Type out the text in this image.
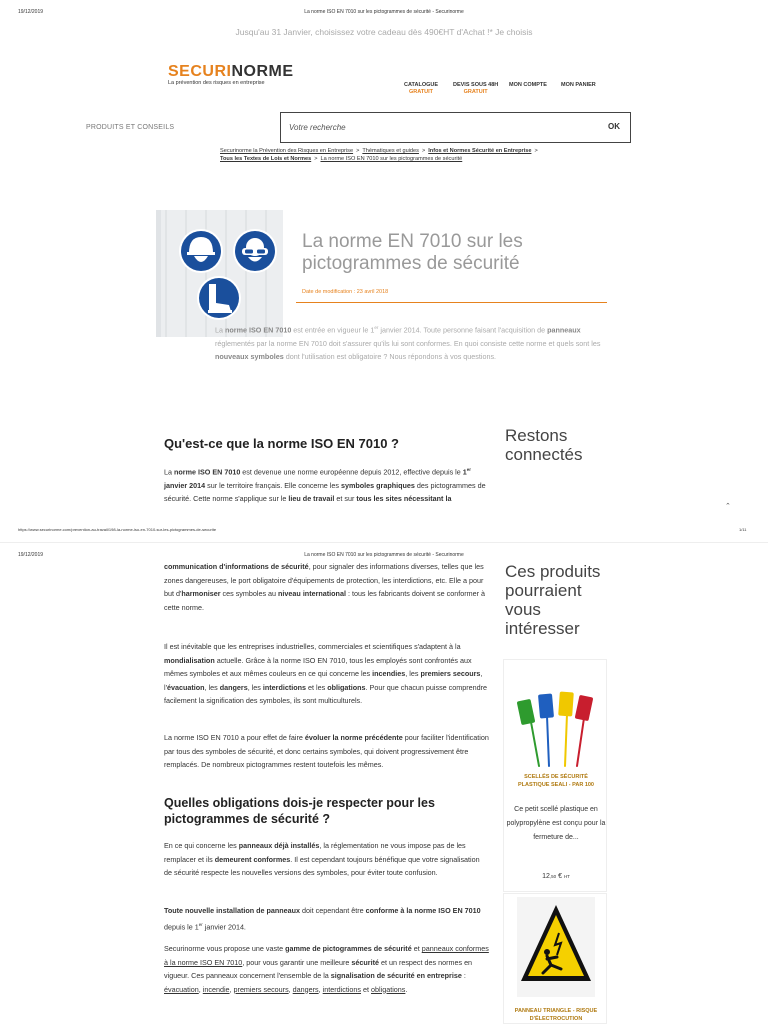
19/12/2019	La norme ISO EN 7010 sur les pictogrammes de sécurité - Securinorme
Jusqu'au 31 Janvier, choisissez votre cadeau dès 490€HT d'Achat !* Je choisis
SECURINORME
La prévention des risques en entreprise	CATALOGUE
GRATUIT
DEVIS SOUS 48H
GRATUIT
MON COMPTE	MON PANIER
PRODUITS ET CONSEILS
Votre recherche	OK
Securinorme la Prévention des Risques en Entreprise > Thématiques et guides > Infos et Normes Sécurité en Entreprise >
Tous les Textes de Lois et Normes > La norme ISO EN 7010 sur les pictogrammes de sécurité
La norme EN 7010 sur les pictogrammes de sécurité
Date de modification : 23 avril 2018
La norme ISO EN 7010 est entrée en vigueur le 1er janvier 2014. Toute personne faisant l'acquisition de panneaux réglementés par la norme EN 7010 doit s'assurer qu'ils lui sont conformes. En quoi consiste cette norme et quels sont les nouveaux symboles dont l'utilisation est obligatoire ? Nous répondons à vos questions.
Qu'est-ce que la norme ISO EN 7010 ?	Restons connectés
La norme ISO EN 7010 est devenue une norme européenne depuis 2012, effective depuis le 1er janvier 2014 sur le territoire français. Elle concerne les symboles graphiques des pictogrammes de sécurité. Cette norme s'applique sur le lieu de travail et sur tous les sites nécessitant la
⌃
https://www.securinorme.com/prevention-au-travail/198-la-norme-iso-en-7010-sur-les-pictogrammes-de-securite	1/11
19/12/2019	La norme ISO EN 7010 sur les pictogrammes de sécurité - Securinorme
communication d'informations de sécurité, pour signaler des informations diverses, telles que les zones dangereuses, le port obligatoire d'équipements de protection, les interdictions, etc. Elle a pour but d'harmoniser ces symboles au niveau international : tous les fabricants doivent se conformer à cette norme.
Il est inévitable que les entreprises industrielles, commerciales et scientifiques s'adaptent à la mondialisation actuelle. Grâce à la norme ISO EN 7010, tous les employés sont confrontés aux mêmes symboles et aux mêmes couleurs en ce qui concerne les incendies, les premiers secours, l'évacuation, les dangers, les interdictions et les obligations. Pour que chacun puisse comprendre facilement la signification des symboles, ils sont multiculturels.
La norme ISO EN 7010 a pour effet de faire évoluer la norme précédente pour faciliter l'identification par tous des symboles de sécurité, et donc certains symboles, qui doivent progressivement être remplacés. De nombreux pictogrammes restent toutefois les mêmes.
Quelles obligations dois-je respecter pour les pictogrammes de sécurité ?
En ce qui concerne les panneaux déjà installés, la réglementation ne vous impose pas de les remplacer et ils demeurent conformes. Il est cependant toujours bénéfique que votre signalisation de sécurité respecte les nouvelles versions des symboles, pour éviter toute confusion.
Toute nouvelle installation de panneaux doit cependant être conforme à la norme ISO EN 7010 depuis le 1er janvier 2014.
Securinorme vous propose une vaste gamme de pictogrammes de sécurité et panneaux conformes à la norme ISO EN 7010, pour vous garantir une meilleure sécurité et un respect des normes en vigueur. Ces panneaux concernent l'ensemble de la signalisation de sécurité en entreprise : évacuation, incendie, premiers secours, dangers, interdictions et obligations.
Ces produits pourraient vous intéresser
SCELLÉS DE SÉCURITÉ PLASTIQUE SEALI - PAR 100
Ce petit scellé plastique en polypropylène est conçu pour la fermeture de...
12,50 € HT
PANNEAU TRIANGLE - RISQUE D'ÉLECTROCUTION
